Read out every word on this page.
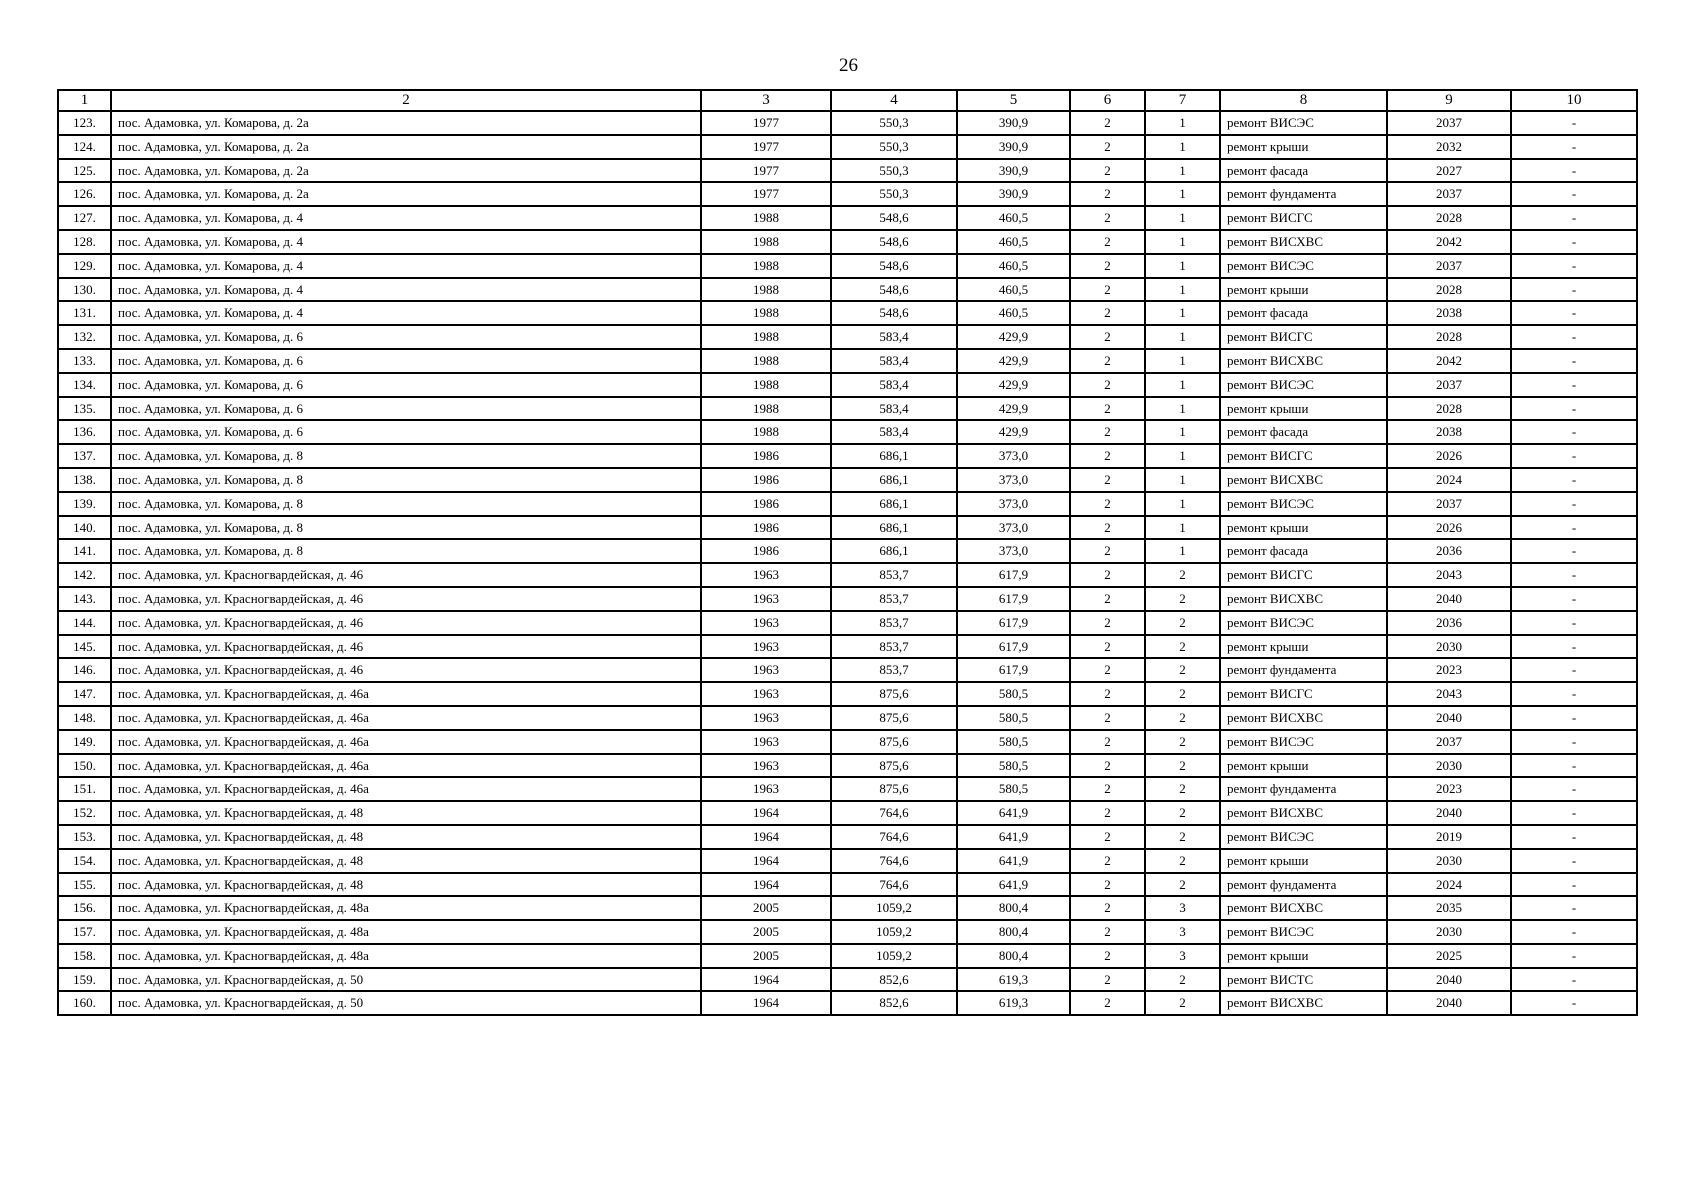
26
1	2	3	4	5	6	7	8	9	10
123.	пос. Адамовка, ул. Комарова, д. 2а	1977	550,3	390,9	2	1	ремонт ВИСЭС	2037	-
124.	пос. Адамовка, ул. Комарова, д. 2а	1977	550,3	390,9	2	1	ремонт крыши	2032	-
125.	пос. Адамовка, ул. Комарова, д. 2а	1977	550,3	390,9	2	1	ремонт фасада	2027	-
126.	пос. Адамовка, ул. Комарова, д. 2а	1977	550,3	390,9	2	1	ремонт фундамента	2037	-
127.	пос. Адамовка, ул. Комарова, д. 4	1988	548,6	460,5	2	1	ремонт ВИСГС	2028	-
128.	пос. Адамовка, ул. Комарова, д. 4	1988	548,6	460,5	2	1	ремонт ВИСХВС	2042	-
129.	пос. Адамовка, ул. Комарова, д. 4	1988	548,6	460,5	2	1	ремонт ВИСЭС	2037	-
130.	пос. Адамовка, ул. Комарова, д. 4	1988	548,6	460,5	2	1	ремонт крыши	2028	-
131.	пос. Адамовка, ул. Комарова, д. 4	1988	548,6	460,5	2	1	ремонт фасада	2038	-
132.	пос. Адамовка, ул. Комарова, д. 6	1988	583,4	429,9	2	1	ремонт ВИСГС	2028	-
133.	пос. Адамовка, ул. Комарова, д. 6	1988	583,4	429,9	2	1	ремонт ВИСХВС	2042	-
134.	пос. Адамовка, ул. Комарова, д. 6	1988	583,4	429,9	2	1	ремонт ВИСЭС	2037	-
135.	пос. Адамовка, ул. Комарова, д. 6	1988	583,4	429,9	2	1	ремонт крыши	2028	-
136.	пос. Адамовка, ул. Комарова, д. 6	1988	583,4	429,9	2	1	ремонт фасада	2038	-
137.	пос. Адамовка, ул. Комарова, д. 8	1986	686,1	373,0	2	1	ремонт ВИСГС	2026	-
138.	пос. Адамовка, ул. Комарова, д. 8	1986	686,1	373,0	2	1	ремонт ВИСХВС	2024	-
139.	пос. Адамовка, ул. Комарова, д. 8	1986	686,1	373,0	2	1	ремонт ВИСЭС	2037	-
140.	пос. Адамовка, ул. Комарова, д. 8	1986	686,1	373,0	2	1	ремонт крыши	2026	-
141.	пос. Адамовка, ул. Комарова, д. 8	1986	686,1	373,0	2	1	ремонт фасада	2036	-
142.	пос. Адамовка, ул. Красногвардейская, д. 46	1963	853,7	617,9	2	2	ремонт ВИСГС	2043	-
143.	пос. Адамовка, ул. Красногвардейская, д. 46	1963	853,7	617,9	2	2	ремонт ВИСХВС	2040	-
144.	пос. Адамовка, ул. Красногвардейская, д. 46	1963	853,7	617,9	2	2	ремонт ВИСЭС	2036	-
145.	пос. Адамовка, ул. Красногвардейская, д. 46	1963	853,7	617,9	2	2	ремонт крыши	2030	-
146.	пос. Адамовка, ул. Красногвардейская, д. 46	1963	853,7	617,9	2	2	ремонт фундамента	2023	-
147.	пос. Адамовка, ул. Красногвардейская, д. 46а	1963	875,6	580,5	2	2	ремонт ВИСГС	2043	-
148.	пос. Адамовка, ул. Красногвардейская, д. 46а	1963	875,6	580,5	2	2	ремонт ВИСХВС	2040	-
149.	пос. Адамовка, ул. Красногвардейская, д. 46а	1963	875,6	580,5	2	2	ремонт ВИСЭС	2037	-
150.	пос. Адамовка, ул. Красногвардейская, д. 46а	1963	875,6	580,5	2	2	ремонт крыши	2030	-
151.	пос. Адамовка, ул. Красногвардейская, д. 46а	1963	875,6	580,5	2	2	ремонт фундамента	2023	-
152.	пос. Адамовка, ул. Красногвардейская, д. 48	1964	764,6	641,9	2	2	ремонт ВИСХВС	2040	-
153.	пос. Адамовка, ул. Красногвардейская, д. 48	1964	764,6	641,9	2	2	ремонт ВИСЭС	2019	-
154.	пос. Адамовка, ул. Красногвардейская, д. 48	1964	764,6	641,9	2	2	ремонт крыши	2030	-
155.	пос. Адамовка, ул. Красногвардейская, д. 48	1964	764,6	641,9	2	2	ремонт фундамента	2024	-
156.	пос. Адамовка, ул. Красногвардейская, д. 48а	2005	1059,2	800,4	2	3	ремонт ВИСХВС	2035	-
157.	пос. Адамовка, ул. Красногвардейская, д. 48а	2005	1059,2	800,4	2	3	ремонт ВИСЭС	2030	-
158.	пос. Адамовка, ул. Красногвардейская, д. 48а	2005	1059,2	800,4	2	3	ремонт крыши	2025	-
159.	пос. Адамовка, ул. Красногвардейская, д. 50	1964	852,6	619,3	2	2	ремонт ВИСТС	2040	-
160.	пос. Адамовка, ул. Красногвардейская, д. 50	1964	852,6	619,3	2	2	ремонт ВИСХВС	2040	-
